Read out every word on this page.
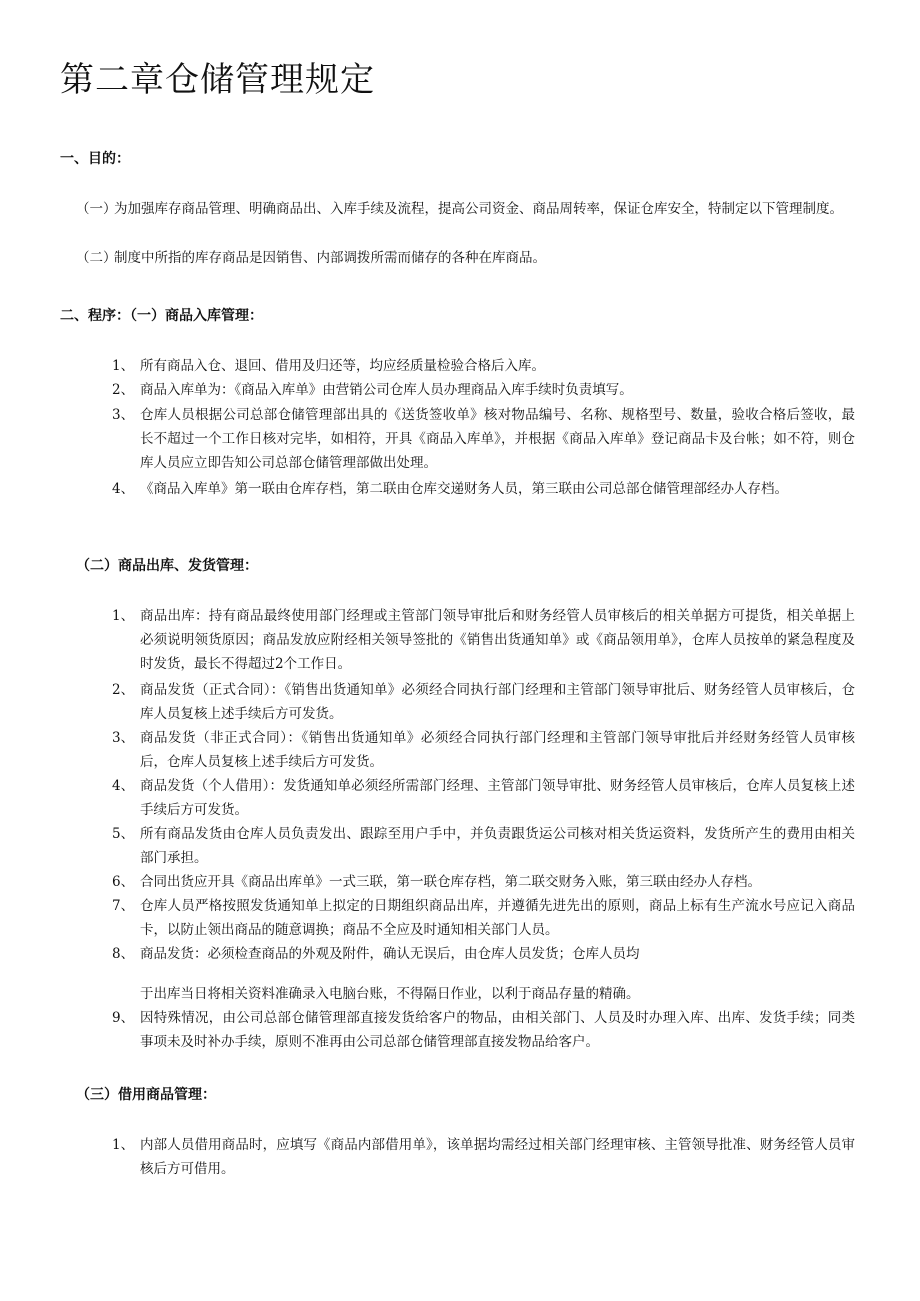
第二章仓储管理规定
一、目的：
（一）

为加强库存商品管理、明确商品出、入库手续及流程，提高公司资金、商品周转率，保证仓库安全，特制定以下管理制度。

（二）

制度中所指的库存商品是因销售、内部调拨所需而储存的各种在库商品。

二、程序：（一）商品入库管理：
1、 所有商品入仓、退回、借用及归还等，均应经质量检验合格后入库。

2、 商品入库单为：《商品入库单》由营销公司仓库人员办理商品入库手续时负责填写。

3、 仓库人员根据公司总部仓储管理部出具的《送货签收单》核对物品编号、名称、规格型号、数量，验收合格后签收，最长不超过一个工作日核对完毕，如相符，开具《商品入库单》，并根据《商品入库单》登记商品卡及台帐；如不符，则仓库人员应立即告知公司总部仓储管理部做出处理。

4、 《商品入库单》第一联由仓库存档，第二联由仓库交递财务人员，第三联由公司总部仓储管理部经办人存档。

（二）商品出库、发货管理：
1、 商品出库：持有商品最终使用部门经理或主管部门领导审批后和财务经管人员审核后的相关单据方可提货，相关单据上必须说明领货原因；商品发放应附经相关领导签批的《销售出货通知单》或《商品领用单》，仓库人员按单的紧急程度及时发货，最长不得超过2个工作日。

2、 商品发货（正式合同）：《销售出货通知单》必须经合同执行部门经理和主管部门领导审批后、财务经管人员审核后，仓库人员复核上述手续后方可发货。

3、 商品发货（非正式合同）：《销售出货通知单》必须经合同执行部门经理和主管部门领导审批后并经财务经管人员审核后，仓库人员复核上述手续后方可发货。

4、 商品发货（个人借用）：发货通知单必须经所需部门经理、主管部门领导审批、财务经管人员审核后，仓库人员复核上述手续后方可发货。

5、 所有商品发货由仓库人员负责发出、跟踪至用户手中，并负责跟货运公司核对相关货运资料，发货所产生的费用由相关部门承担。

6、 合同出货应开具《商品出库单》一式三联，第一联仓库存档，第二联交财务入账，第三联由经办人存档。

7、 仓库人员严格按照发货通知单上拟定的日期组织商品出库，并遵循先进先出的原则，商品上标有生产流水号应记入商品卡，以防止领出商品的随意调换；商品不全应及时通知相关部门人员。

8、 商品发货：必须检查商品的外观及附件，确认无误后，由仓库人员发货；仓库人员均

于出库当日将相关资料准确录入电脑台账，不得隔日作业，以利于商品存量的精确。

9、 因特殊情况，由公司总部仓储管理部直接发货给客户的物品，由相关部门、人员及时办理入库、出库、发货手续；同类事项未及时补办手续，原则不准再由公司总部仓储管理部直接发物品给客户。

（三）借用商品管理：
1、 内部人员借用商品时，应填写《商品内部借用单》，该单据均需经过相关部门经理审核、主管领导批准、财务经管人员审核后方可借用。
